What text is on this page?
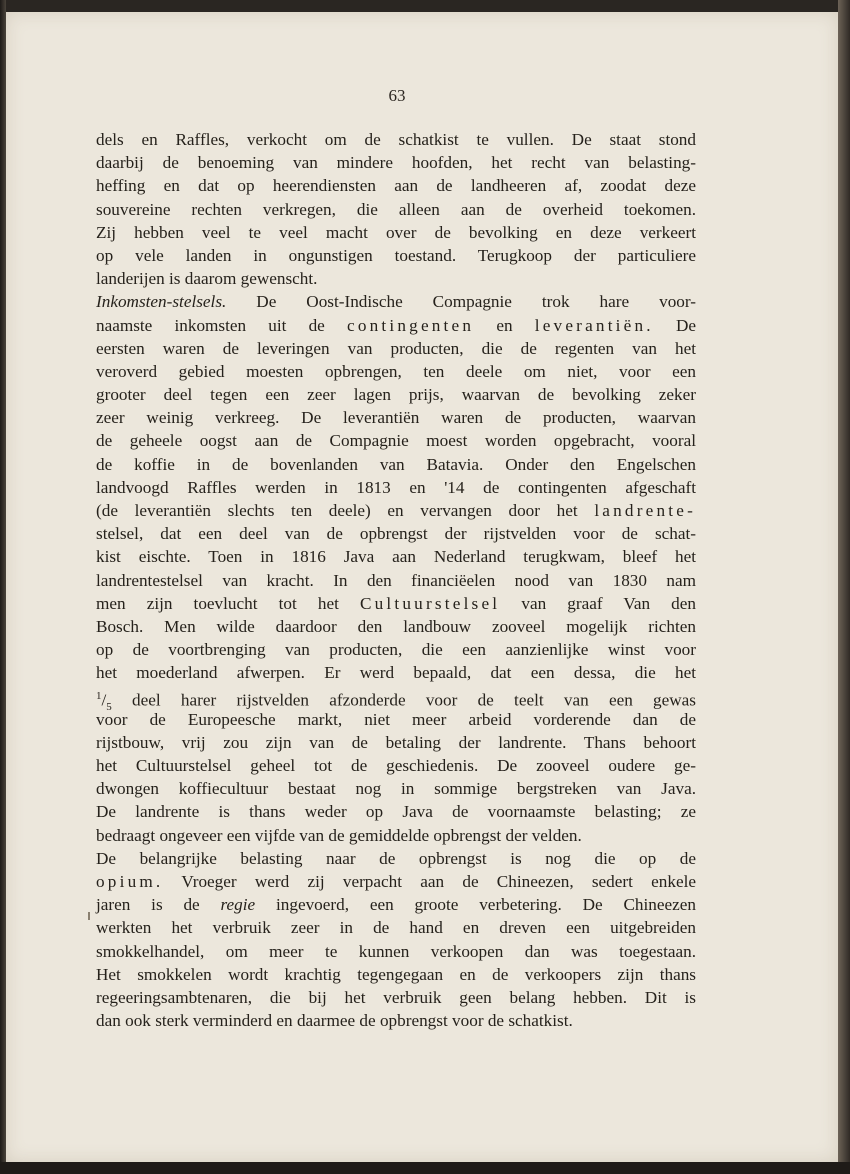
63
dels en Raffles, verkocht om de schatkist te vullen. De staat stond
daarbij de benoeming van mindere hoofden, het recht van belasting-
heffing en dat op heerendiensten aan de landheeren af, zoodat deze
souvereine rechten verkregen, die alleen aan de overheid toekomen.
Zij hebben veel te veel macht over de bevolking en deze verkeert
op vele landen in ongunstigen toestand. Terugkoop der particuliere
landerijen is daarom gewenscht.
Inkomsten-stelsels. De Oost-Indische Compagnie trok hare voor-
naamste inkomsten uit de contingenten en leverantiën. De
eersten waren de leveringen van producten, die de regenten van het
veroverd gebied moesten opbrengen, ten deele om niet, voor een
grooter deel tegen een zeer lagen prijs, waarvan de bevolking zeker
zeer weinig verkreeg. De leverantiën waren de producten, waarvan
de geheele oogst aan de Compagnie moest worden opgebracht, vooral
de koffie in de bovenlanden van Batavia. Onder den Engelschen
landvoogd Raffles werden in 1813 en '14 de contingenten afgeschaft
(de leverantiën slechts ten deele) en vervangen door het landrente-
stelsel, dat een deel van de opbrengst der rijstvelden voor de schat-
kist eischte. Toen in 1816 Java aan Nederland terugkwam, bleef het
landrentestelsel van kracht. In den financiëelen nood van 1830 nam
men zijn toevlucht tot het Cultuurstelsel van graaf Van den
Bosch. Men wilde daardoor den landbouw zooveel mogelijk richten
op de voortbrenging van producten, die een aanzienlijke winst voor
het moederland afwerpen. Er werd bepaald, dat een dessa, die het
$^1/_5$ deel harer rijstvelden afzonderde voor de teelt van een gewas
voor de Europeesche markt, niet meer arbeid vorderende dan de
rijstbouw, vrij zou zijn van de betaling der landrente. Thans behoort
het Cultuurstelsel geheel tot de geschiedenis. De zooveel oudere ge-
dwongen koffiecultuur bestaat nog in sommige bergstreken van Java.
De landrente is thans weder op Java de voornaamste belasting; ze
bedraagt ongeveer een vijfde van de gemiddelde opbrengst der velden.
De belangrijke belasting naar de opbrengst is nog die op de
opium. Vroeger werd zij verpacht aan de Chineezen, sedert enkele
jaren is de regie ingevoerd, een groote verbetering. De Chineezen
werkten het verbruik zeer in de hand en dreven een uitgebreiden
smokkelhandel, om meer te kunnen verkoopen dan was toegestaan.
Het smokkelen wordt krachtig tegengegaan en de verkoopers zijn thans
regeeringsambtenaren, die bij het verbruik geen belang hebben. Dit is
dan ook sterk verminderd en daarmee de opbrengst voor de schatkist.
